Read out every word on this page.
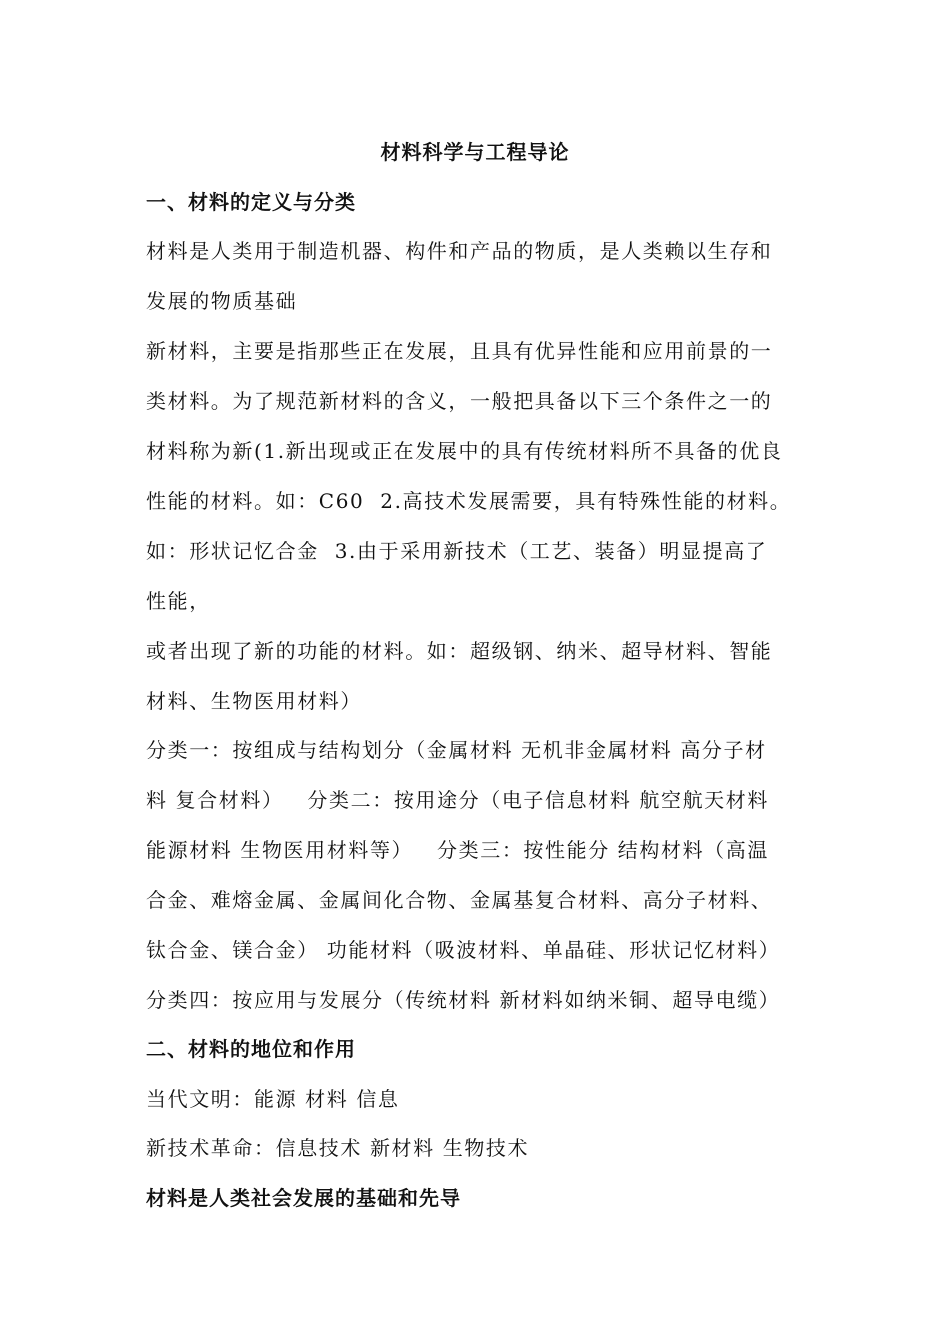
材料科学与工程导论
一、材料的定义与分类
材料是人类用于制造机器、构件和产品的物质，是人类赖以生存和
发展的物质基础
新材料，主要是指那些正在发展，且具有优异性能和应用前景的一
类材料。为了规范新材料的含义，一般把具备以下三个条件之一的
材料称为新(1.新出现或正在发展中的具有传统材料所不具备的优良
性能的材料。如：C60  2.高技术发展需要，具有特殊性能的材料。
如：形状记忆合金  3.由于采用新技术（工艺、装备）明显提高了
性能，
或者出现了新的功能的材料。如：超级钢、纳米、超导材料、智能
材料、生物医用材料）
分类一：按组成与结构划分（金属材料 无机非金属材料 高分子材
料 复合材料）   分类二：按用途分（电子信息材料 航空航天材料
能源材料 生物医用材料等）   分类三：按性能分 结构材料（高温
合金、难熔金属、金属间化合物、金属基复合材料、高分子材料、
钛合金、镁合金） 功能材料（吸波材料、单晶硅、形状记忆材料）
分类四：按应用与发展分（传统材料 新材料如纳米铜、超导电缆）
二、材料的地位和作用
当代文明：能源 材料 信息
新技术革命：信息技术 新材料 生物技术
材料是人类社会发展的基础和先导
